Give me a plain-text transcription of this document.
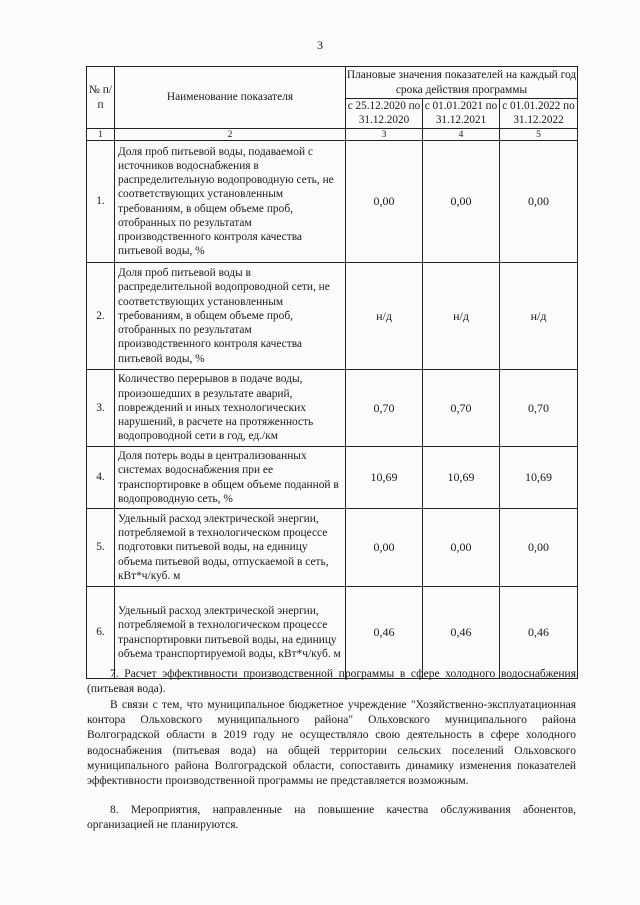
3
№ п/п	Наименование показателя	Плановые значения показателей на каждый год срока действия программы		
		с 25.12.2020 по 31.12.2020	с 01.01.2021 по 31.12.2021	с 01.01.2022 по 31.12.2022
1	2	3	4	5
1.	Доля проб питьевой воды, подаваемой с источников водоснабжения в распределительную водопроводную сеть, не соответствующих установленным требованиям, в общем объеме проб, отобранных по результатам производственного контроля качества питьевой воды, %	0,00	0,00	0,00
2.	Доля проб питьевой воды в распределительной водопроводной сети, не соответствующих установленным требованиям, в общем объеме проб, отобранных по результатам производственного контроля качества питьевой воды, %	н/д	н/д	н/д
3.	Количество перерывов в подаче воды, произошедших в результате аварий, повреждений и иных технологических нарушений, в расчете на протяженность водопроводной сети в год, ед./км	0,70	0,70	0,70
4.	Доля потерь воды в централизованных системах водоснабжения при ее транспортировке в общем объеме поданной в водопроводную сеть, %	10,69	10,69	10,69
5.	Удельный расход электрической энергии, потребляемой в технологическом процессе подготовки питьевой воды, на единицу объема питьевой воды, отпускаемой в сеть, кВт*ч/куб. м	0,00	0,00	0,00
6.	Удельный расход электрической энергии, потребляемой в технологическом процессе транспортировки питьевой воды, на единицу объема транспортируемой воды, кВт*ч/куб. м	0,46	0,46	0,46
7. Расчет эффективности производственной программы в сфере холодного водоснабжения (питьевая вода).
В связи с тем, что муниципальное бюджетное учреждение "Хозяйственно-эксплуатационная контора Ольховского муниципального района" Ольховского муниципального района Волгоградской области в 2019 году не осуществляло свою деятельность в сфере холодного водоснабжения (питьевая вода) на общей территории сельских поселений Ольховского муниципального района Волгоградской области, сопоставить динамику изменения показателей эффективности производственной программы не представляется возможным.
8. Мероприятия, направленные на повышение качества обслуживания абонентов, организацией не планируются.
